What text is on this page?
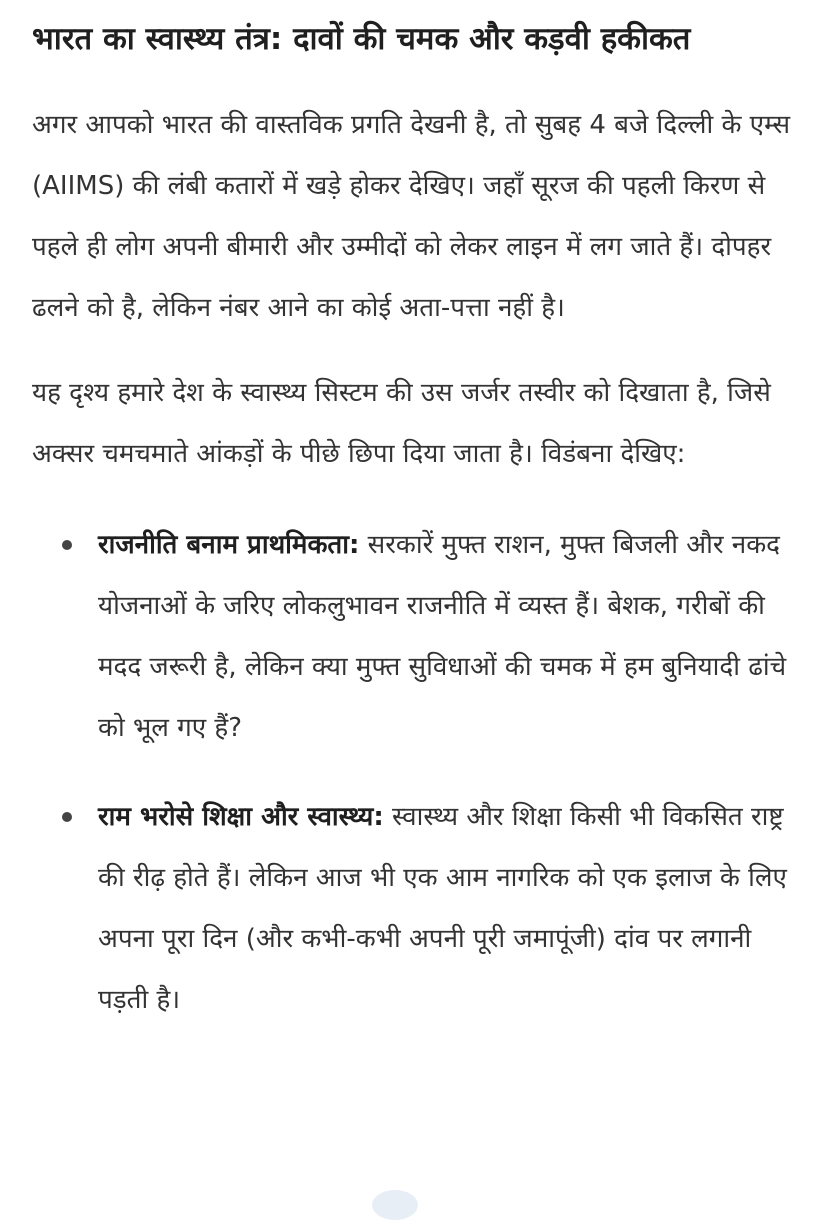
भारत का स्वास्थ्य तंत्र: दावों की चमक और कड़वी हकीकत

अगर आपको भारत की वास्तविक प्रगति देखनी है, तो सुबह 4 बजे दिल्ली के एम्स (AIIMS) की लंबी कतारों में खड़े होकर देखिए। जहाँ सूरज की पहली किरण से पहले ही लोग अपनी बीमारी और उम्मीदों को लेकर लाइन में लग जाते हैं। दोपहर ढलने को है, लेकिन नंबर आने का कोई अता-पत्ता नहीं है।

यह दृश्य हमारे देश के स्वास्थ्य सिस्टम की उस जर्जर तस्वीर को दिखाता है, जिसे अक्सर चमचमाते आंकड़ों के पीछे छिपा दिया जाता है। विडंबना देखिए:

राजनीति बनाम प्राथमिकता: सरकारें मुफ्त राशन, मुफ्त बिजली और नकद योजनाओं के जरिए लोकलुभावन राजनीति में व्यस्त हैं। बेशक, गरीबों की मदद जरूरी है, लेकिन क्या मुफ्त सुविधाओं की चमक में हम बुनियादी ढांचे को भूल गए हैं?
राम भरोसे शिक्षा और स्वास्थ्य: स्वास्थ्य और शिक्षा किसी भी विकसित राष्ट्र की रीढ़ होते हैं। लेकिन आज भी एक आम नागरिक को एक इलाज के लिए अपना पूरा दिन (और कभी-कभी अपनी पूरी जमापूंजी) दांव पर लगानी पड़ती है।
